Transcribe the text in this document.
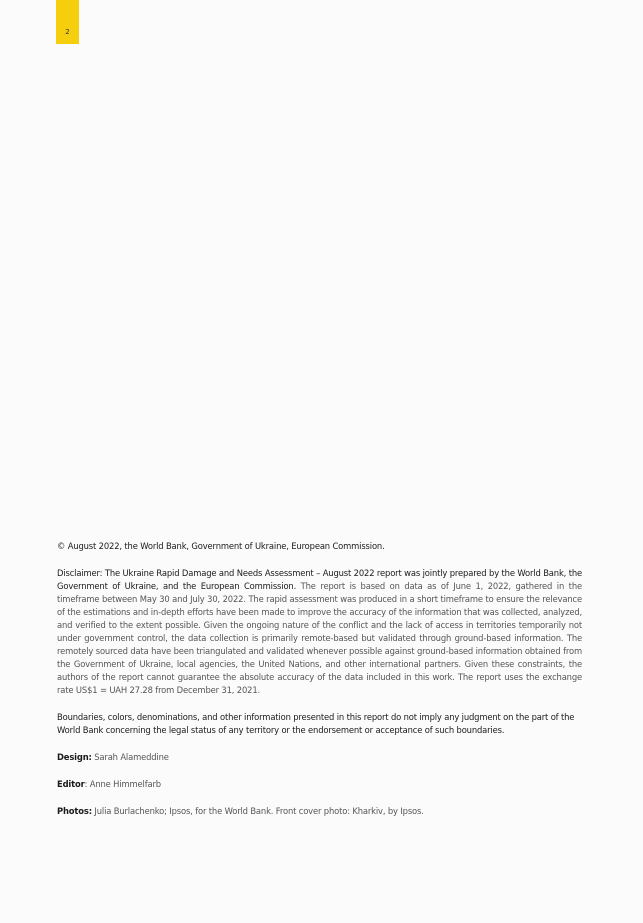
2

© August 2022, the World Bank, Government of Ukraine, European Commission.

Disclaimer: The Ukraine Rapid Damage and Needs Assessment – August 2022 report was jointly prepared by the World Bank, the Government of Ukraine, and the European Commission. The report is based on data as of June 1, 2022, gathered in the timeframe between May 30 and July 30, 2022. The rapid assessment was produced in a short timeframe to ensure the relevance of the estimations and in-depth efforts have been made to improve the accuracy of the information that was collected, analyzed, and verified to the extent possible. Given the ongoing nature of the conflict and the lack of access in territories temporarily not under government control, the data collection is primarily remote-based but validated through ground-based information. The remotely sourced data have been triangulated and validated whenever possible against ground-based information obtained from the Government of Ukraine, local agencies, the United Nations, and other international partners. Given these constraints, the authors of the report cannot guarantee the absolute accuracy of the data included in this work. The report uses the exchange rate US$1 = UAH 27.28 from December 31, 2021.

Boundaries, colors, denominations, and other information presented in this report do not imply any judgment on the part of the World Bank concerning the legal status of any territory or the endorsement or acceptance of such boundaries.

Design: Sarah Alameddine

Editor: Anne Himmelfarb

Photos: Julia Burlachenko; Ipsos, for the World Bank. Front cover photo: Kharkiv, by Ipsos.
